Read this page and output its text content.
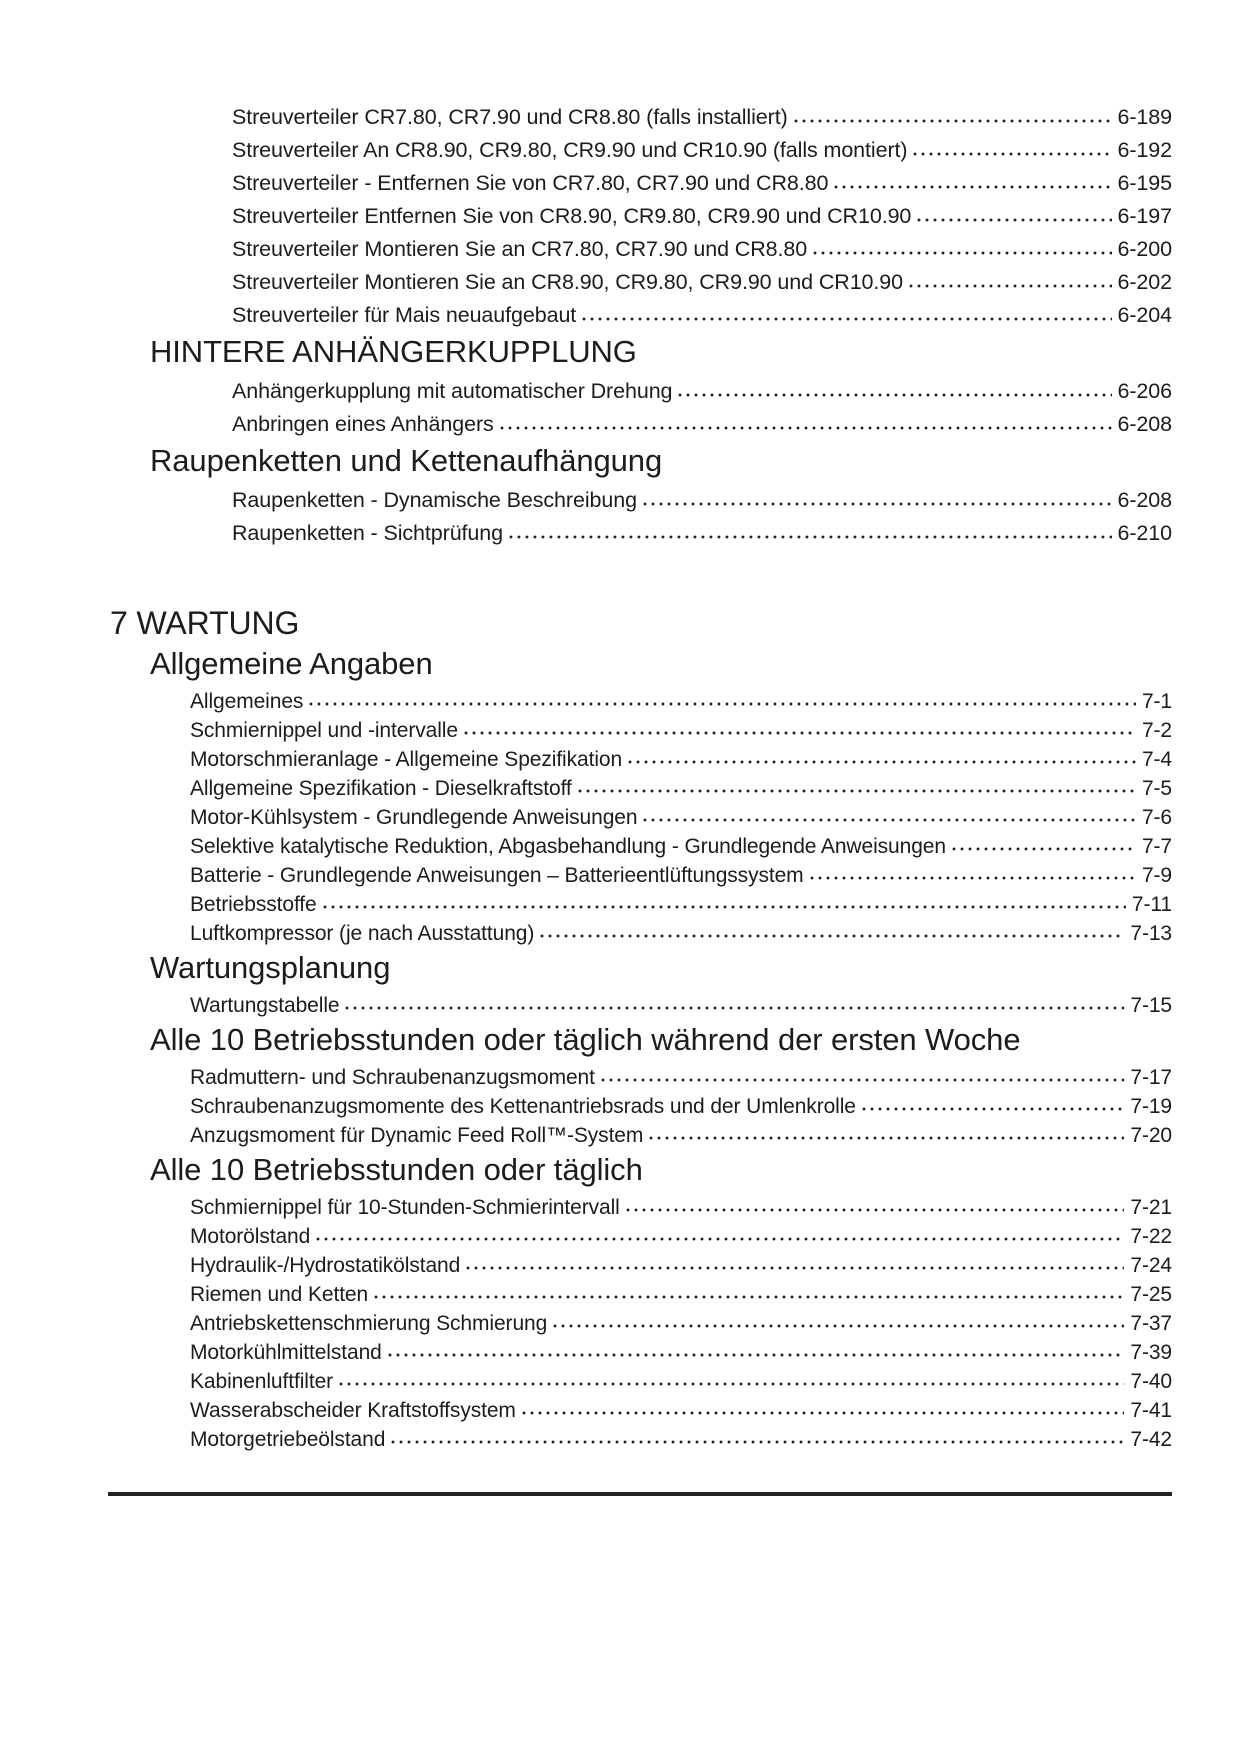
Streuverteiler CR7.80, CR7.90 und CR8.80 (falls installiert)	6-189
Streuverteiler An CR8.90, CR9.80, CR9.90 und CR10.90 (falls montiert)	6-192
Streuverteiler - Entfernen Sie von CR7.80, CR7.90 und CR8.80	6-195
Streuverteiler Entfernen Sie von CR8.90, CR9.80, CR9.90 und CR10.90	6-197
Streuverteiler Montieren Sie an CR7.80, CR7.90 und CR8.80	6-200
Streuverteiler Montieren Sie an CR8.90, CR9.80, CR9.90 und CR10.90	6-202
Streuverteiler für Mais neuaufgebaut	6-204
HINTERE ANHÄNGERKUPPLUNG
Anhängerkupplung mit automatischer Drehung	6-206
Anbringen eines Anhängers	6-208
Raupenketten und Kettenaufhängung
Raupenketten - Dynamische Beschreibung	6-208
Raupenketten - Sichtprüfung	6-210
7 WARTUNG
Allgemeine Angaben
Allgemeines	7-1
Schmiernippel und -intervalle	7-2
Motorschmieranlage - Allgemeine Spezifikation	7-4
Allgemeine Spezifikation - Dieselkraftstoff	7-5
Motor-Kühlsystem - Grundlegende Anweisungen	7-6
Selektive katalytische Reduktion, Abgasbehandlung - Grundlegende Anweisungen	7-7
Batterie - Grundlegende Anweisungen – Batterieentlüftungssystem	7-9
Betriebsstoffe	7-11
Luftkompressor (je nach Ausstattung)	7-13
Wartungsplanung
Wartungstabelle	7-15
Alle 10 Betriebsstunden oder täglich während der ersten Woche
Radmuttern- und Schraubenanzugsmoment	7-17
Schraubenanzugsmomente des Kettenantriebsrads und der Umlenkrolle	7-19
Anzugsmoment für Dynamic Feed Roll™-System	7-20
Alle 10 Betriebsstunden oder täglich
Schmiernippel für 10-Stunden-Schmierintervall	7-21
Motorölstand	7-22
Hydraulik-/Hydrostatikölstand	7-24
Riemen und Ketten	7-25
Antriebskettenschmierung Schmierung	7-37
Motorkühlmittelstand	7-39
Kabinenluftfilter	7-40
Wasserabscheider Kraftstoffsystem	7-41
Motorgetriebeölstand	7-42
